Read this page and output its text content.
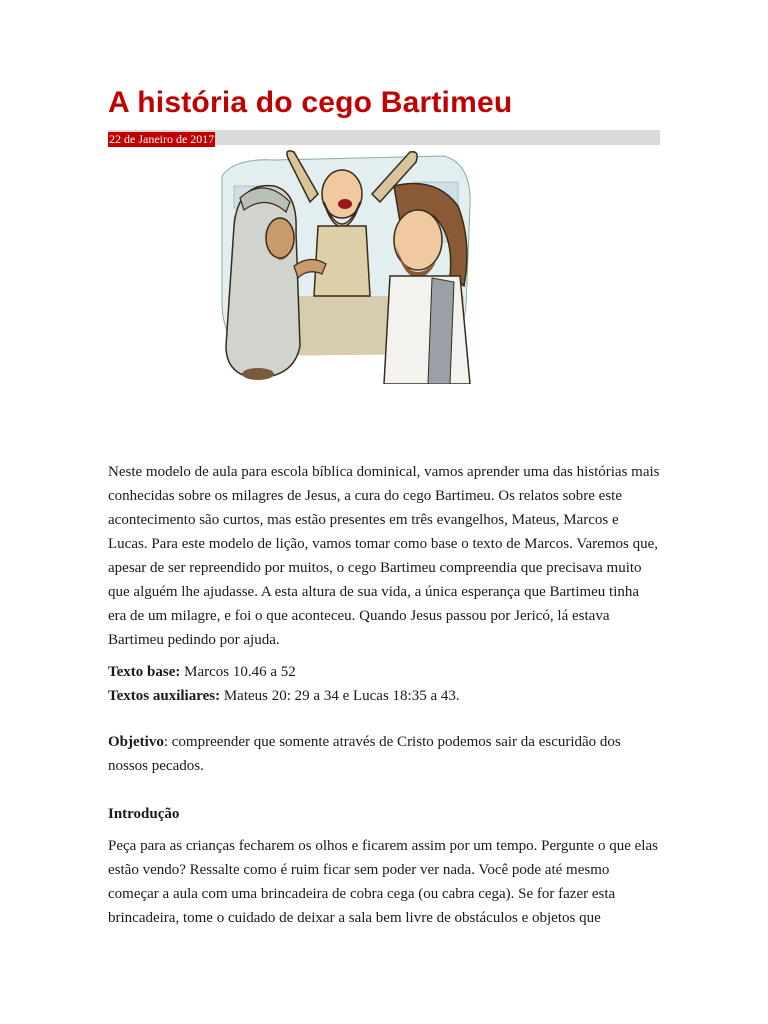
A história do cego Bartimeu
22 de Janeiro de 2017

Neste modelo de aula para escola bíblica dominical, vamos aprender uma das histórias mais conhecidas sobre os milagres de Jesus, a cura do cego Bartimeu. Os relatos sobre este acontecimento são curtos, mas estão presentes em três evangelhos, Mateus, Marcos e Lucas. Para este modelo de lição, vamos tomar como base o texto de Marcos. Varemos que, apesar de ser repreendido por muitos, o cego Bartimeu compreendia que precisava muito que alguém lhe ajudasse. A esta altura de sua vida, a única esperança que Bartimeu tinha era de um milagre, e foi o que aconteceu. Quando Jesus passou por Jericó, lá estava Bartimeu pedindo por ajuda.

Texto base: Marcos 10.46 a 52
Textos auxiliares: Mateus 20: 29 a 34 e Lucas 18:35 a 43.

Objetivo: compreender que somente através de Cristo podemos sair da escuridão dos nossos pecados.

Introdução

Peça para as crianças fecharem os olhos e ficarem assim por um tempo. Pergunte o que elas estão vendo? Ressalte como é ruim ficar sem poder ver nada. Você pode até mesmo começar a aula com uma brincadeira de cobra cega (ou cabra cega). Se for fazer esta brincadeira, tome o cuidado de deixar a sala bem livre de obstáculos e objetos que
